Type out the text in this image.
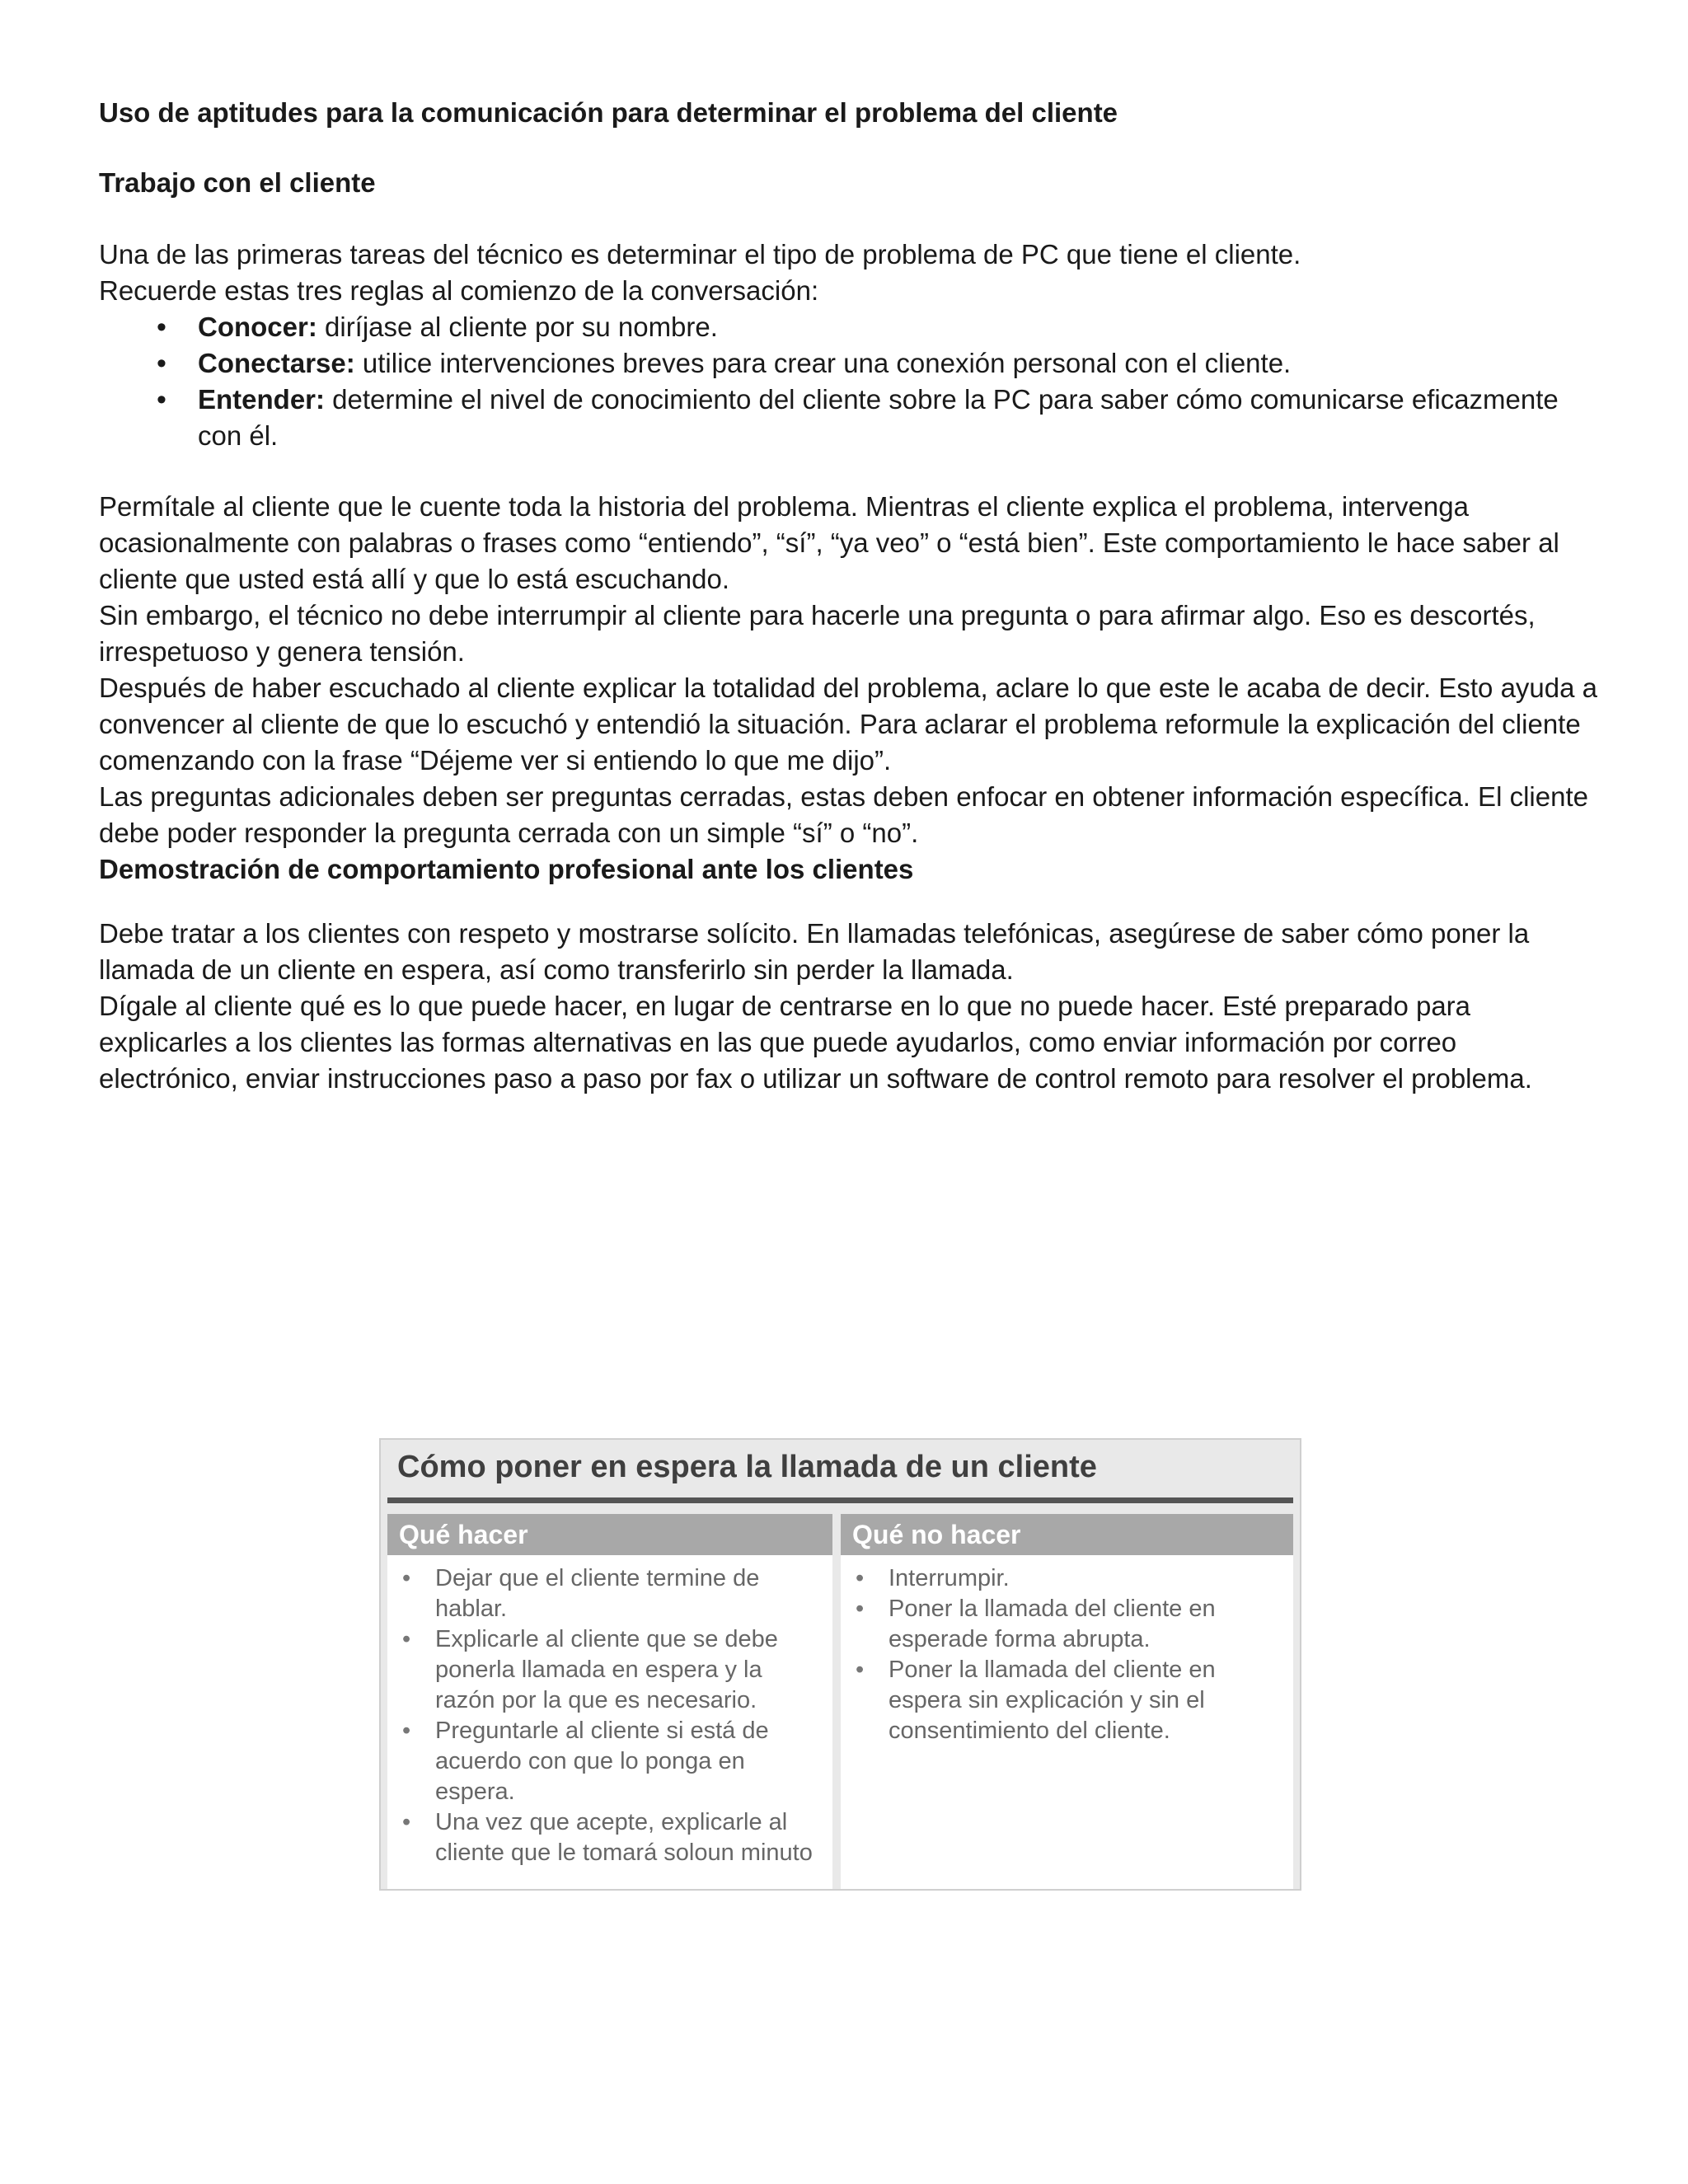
Uso de aptitudes para la comunicación para determinar el problema del cliente

Trabajo con el cliente

Una de las primeras tareas del técnico es determinar el tipo de problema de PC que tiene el cliente.

Recuerde estas tres reglas al comienzo de la conversación:

• Conocer: diríjase al cliente por su nombre.
• Conectarse: utilice intervenciones breves para crear una conexión personal con el cliente.
• Entender: determine el nivel de conocimiento del cliente sobre la PC para saber cómo comunicarse eficazmente con él.

Permítale al cliente que le cuente toda la historia del problema. Mientras el cliente explica el problema, intervenga ocasionalmente con palabras o frases como “entiendo”, “sí”, “ya veo” o “está bien”. Este comportamiento le hace saber al cliente que usted está allí y que lo está escuchando.

Sin embargo, el técnico no debe interrumpir al cliente para hacerle una pregunta o para afirmar algo. Eso es descortés, irrespetuoso y genera tensión.

Después de haber escuchado al cliente explicar la totalidad del problema, aclare lo que este le acaba de decir. Esto ayuda a convencer al cliente de que lo escuchó y entendió la situación. Para aclarar el problema reformule la explicación del cliente comenzando con la frase “Déjeme ver si entiendo lo que me dijo”.

Las preguntas adicionales deben ser preguntas cerradas, estas deben enfocar en obtener información específica. El cliente debe poder responder la pregunta cerrada con un simple “sí” o “no”.

Demostración de comportamiento profesional ante los clientes

Debe tratar a los clientes con respeto y mostrarse solícito. En llamadas telefónicas, asegúrese de saber cómo poner la llamada de un cliente en espera, así como transferirlo sin perder la llamada.

Dígale al cliente qué es lo que puede hacer, en lugar de centrarse en lo que no puede hacer. Esté preparado para explicarles a los clientes las formas alternativas en las que puede ayudarlos, como enviar información por correo electrónico, enviar instrucciones paso a paso por fax o utilizar un software de control remoto para resolver el problema.

Cómo poner en espera la llamada de un cliente
Qué hacer
• Dejar que el cliente termine de hablar.
• Explicarle al cliente que se debe ponerla llamada en espera y la razón por la que es necesario.
• Preguntarle al cliente si está de acuerdo con que lo ponga en espera.
• Una vez que acepte, explicarle al cliente que le tomará soloun minuto
Qué no hacer
• Interrumpir.
• Poner la llamada del cliente en esperade forma abrupta.
• Poner la llamada del cliente en espera sin explicación y sin el consentimiento del cliente.
